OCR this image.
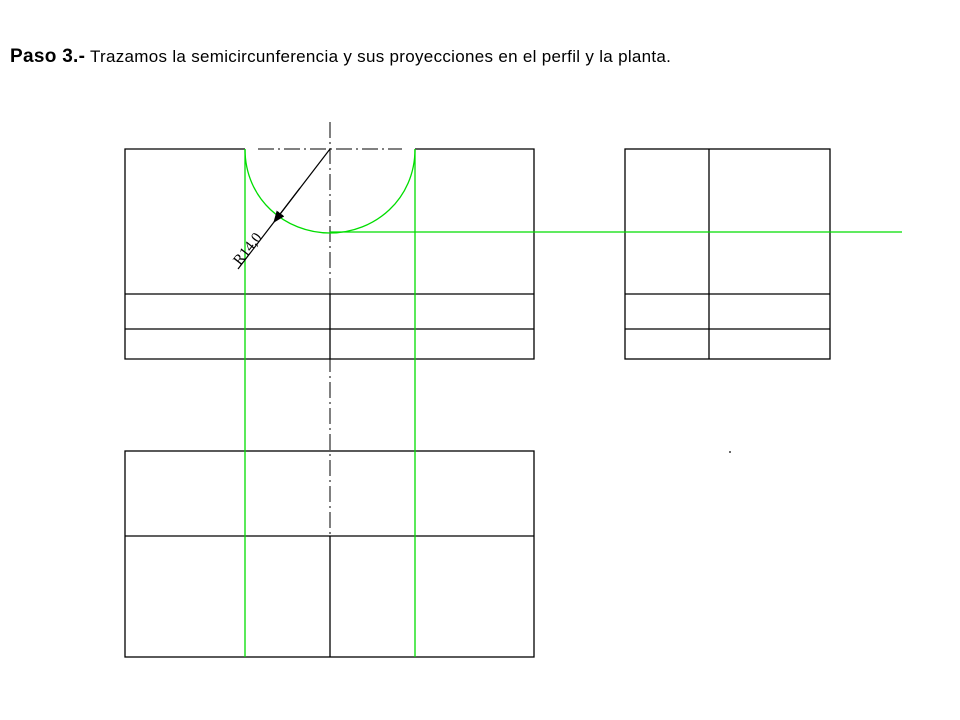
Paso 3.- Trazamos la semicircunferencia y sus proyecciones en el perfil y la planta.
R14,0
